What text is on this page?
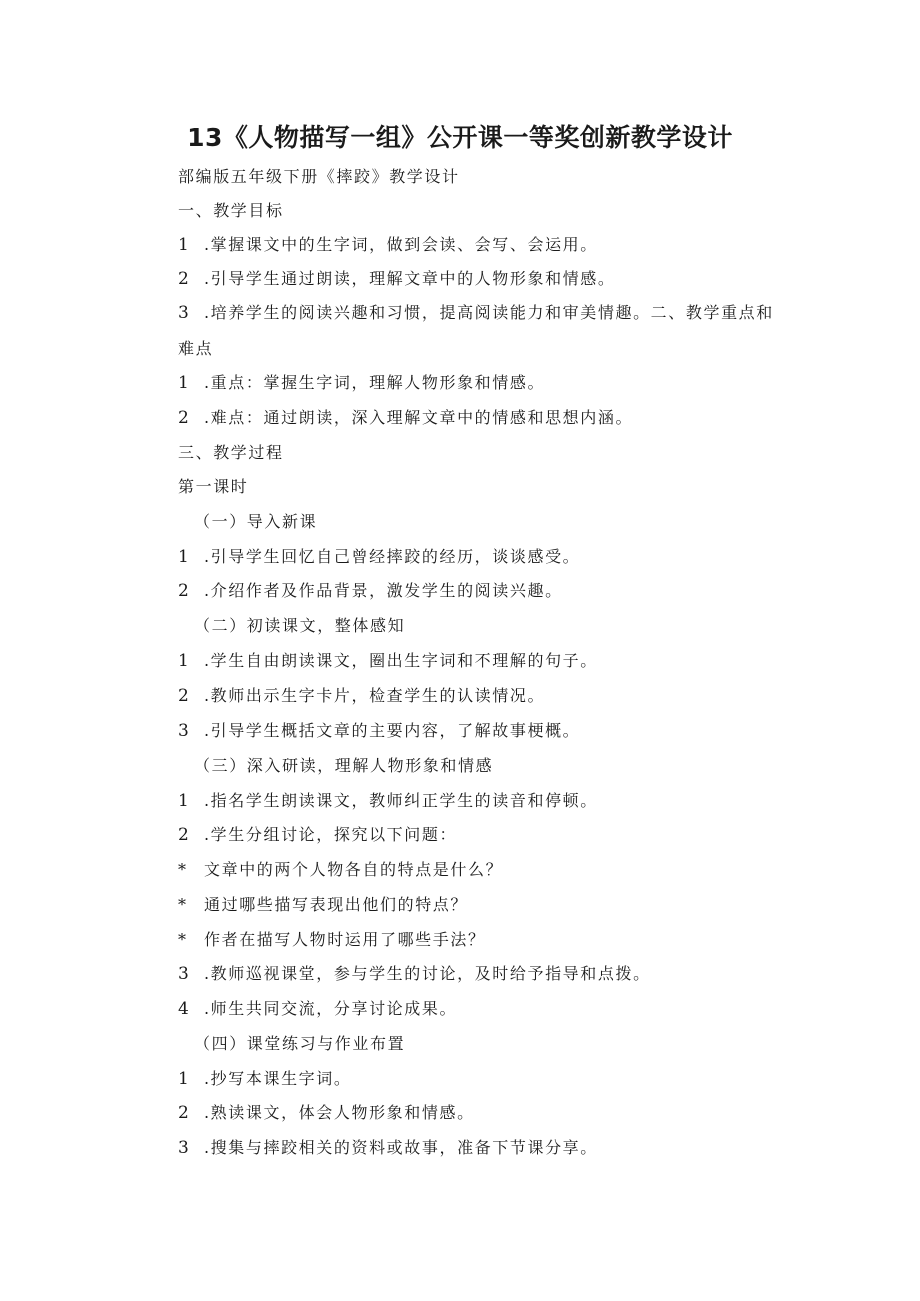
13《人物描写一组》公开课一等奖创新教学设计
部编版五年级下册《摔跤》教学设计
一、教学目标
1 .掌握课文中的生字词，做到会读、会写、会运用。
2 .引导学生通过朗读，理解文章中的人物形象和情感。
3 .培养学生的阅读兴趣和习惯，提高阅读能力和审美情趣。二、教学重点和难点
1 .重点：掌握生字词，理解人物形象和情感。
2 .难点：通过朗读，深入理解文章中的情感和思想内涵。
三、教学过程
第一课时
（一）导入新课
1 .引导学生回忆自己曾经摔跤的经历，谈谈感受。
2 .介绍作者及作品背景，激发学生的阅读兴趣。
（二）初读课文，整体感知
1 .学生自由朗读课文，圈出生字词和不理解的句子。
2 .教师出示生字卡片，检查学生的认读情况。
3 .引导学生概括文章的主要内容，了解故事梗概。
（三）深入研读，理解人物形象和情感
1 .指名学生朗读课文，教师纠正学生的读音和停顿。
2 .学生分组讨论，探究以下问题：
* 文章中的两个人物各自的特点是什么？
* 通过哪些描写表现出他们的特点？
* 作者在描写人物时运用了哪些手法？
3 .教师巡视课堂，参与学生的讨论，及时给予指导和点拨。
4 .师生共同交流，分享讨论成果。
（四）课堂练习与作业布置
1 .抄写本课生字词。
2 .熟读课文，体会人物形象和情感。
3 .搜集与摔跤相关的资料或故事，准备下节课分享。
